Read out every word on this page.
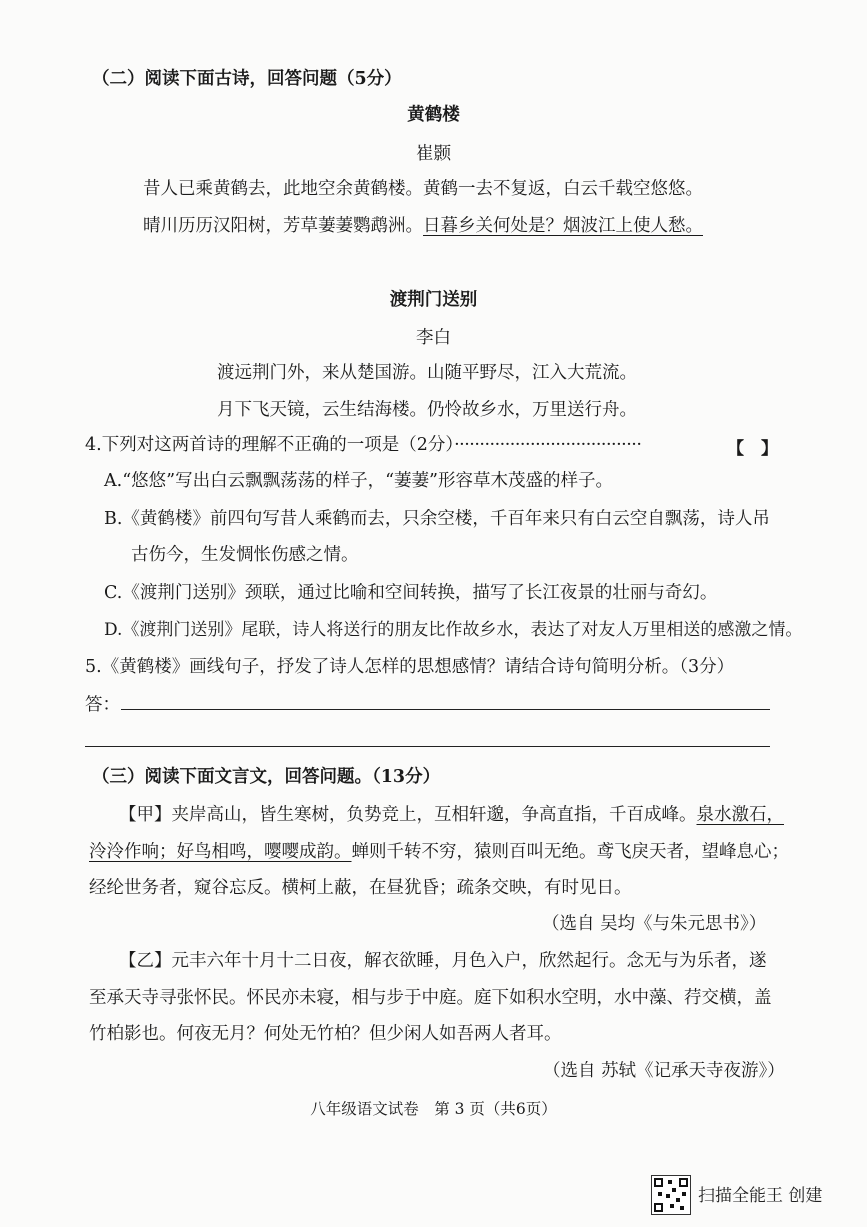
（二）阅读下面古诗，回答问题（5分）
黄鹤楼
崔颢
昔人已乘黄鹤去，此地空余黄鹤楼。黄鹤一去不复返，白云千载空悠悠。
晴川历历汉阳树，芳草萋萋鹦鹉洲。日暮乡关何处是？烟波江上使人愁。
渡荆门送别
李白
渡远荆门外，来从楚国游。山随平野尽，江入大荒流。
月下飞天镜，云生结海楼。仍怜故乡水，万里送行舟。
4.下列对这两首诗的理解不正确的一项是（2分）·····································	【　】
A.“悠悠”写出白云飘飘荡荡的样子，“萋萋”形容草木茂盛的样子。
B.《黄鹤楼》前四句写昔人乘鹤而去，只余空楼，千百年来只有白云空自飘荡，诗人吊
古伤今，生发惆怅伤感之情。
C.《渡荆门送别》颈联，通过比喻和空间转换，描写了长江夜景的壮丽与奇幻。
D.《渡荆门送别》尾联，诗人将送行的朋友比作故乡水，表达了对友人万里相送的感激之情。
5.《黄鹤楼》画线句子，抒发了诗人怎样的思想感情？请结合诗句简明分析。（3分）
答：
（三）阅读下面文言文，回答问题。（13分）
【甲】夹岸高山，皆生寒树，负势竞上，互相轩邈，争高直指，千百成峰。泉水激石，
泠泠作响；好鸟相鸣，嘤嘤成韵。蝉则千转不穷，猿则百叫无绝。鸢飞戾天者，望峰息心；
经纶世务者，窥谷忘反。横柯上蔽，在昼犹昏；疏条交映，有时见日。
（选自 吴均《与朱元思书》）
【乙】元丰六年十月十二日夜，解衣欲睡，月色入户，欣然起行。念无与为乐者，遂
至承天寺寻张怀民。怀民亦未寝，相与步于中庭。庭下如积水空明，水中藻、荇交横，盖
竹柏影也。何夜无月？何处无竹柏？但少闲人如吾两人者耳。
（选自 苏轼《记承天寺夜游》）
八年级语文试卷　第 3 页（共6页）
扫描全能王 创建
